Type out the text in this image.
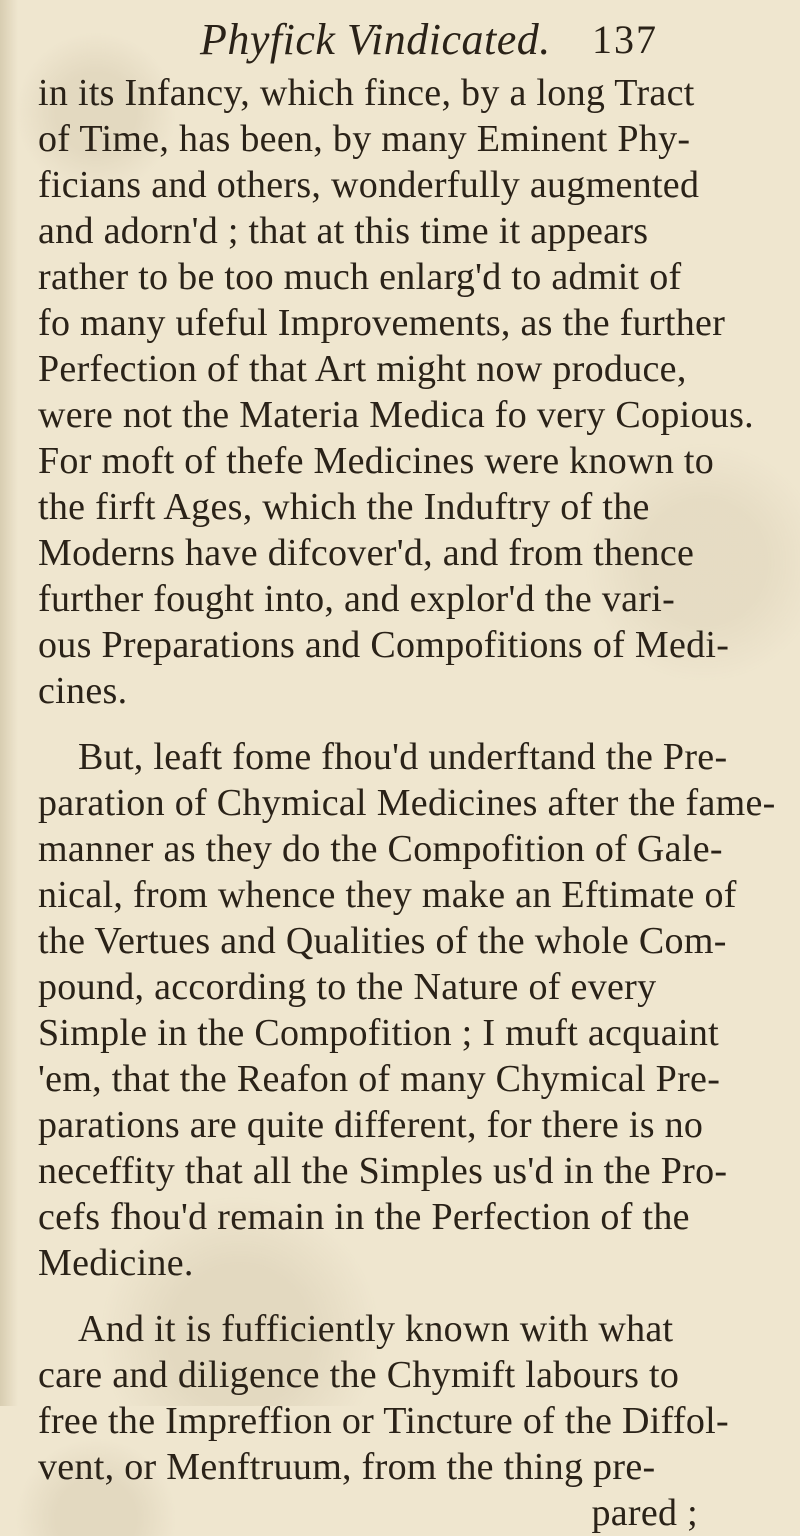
Phyfick Vindicated. 137
in its Infancy, which fince, by a long Tract
of Time, has been, by many Eminent Phy-
ficians and others, wonderfully augmented
and adorn'd ; that at this time it appears
rather to be too much enlarg'd to admit of
fo many ufeful Improvements, as the further
Perfection of that Art might now produce,
were not the Materia Medica fo very Copious.
For moft of thefe Medicines were known to
the firft Ages, which the Induftry of the
Moderns have difcover'd, and from thence
further fought into, and explor'd the vari-
ous Preparations and Compofitions of Medi-
cines.
But, leaft fome fhou'd underftand the Pre-
paration of Chymical Medicines after the fame-
manner as they do the Compofition of Gale-
nical, from whence they make an Eftimate of
the Vertues and Qualities of the whole Com-
pound, according to the Nature of every
Simple in the Compofition ; I muft acquaint
'em, that the Reafon of many Chymical Pre-
parations are quite different, for there is no
neceffity that all the Simples us'd in the Pro-
cefs fhou'd remain in the Perfection of the
Medicine.
And it is fufficiently known with what
care and diligence the Chymift labours to
free the Impreffion or Tincture of the Diffol-
vent, or Menftruum, from the thing pre-
pared ;
